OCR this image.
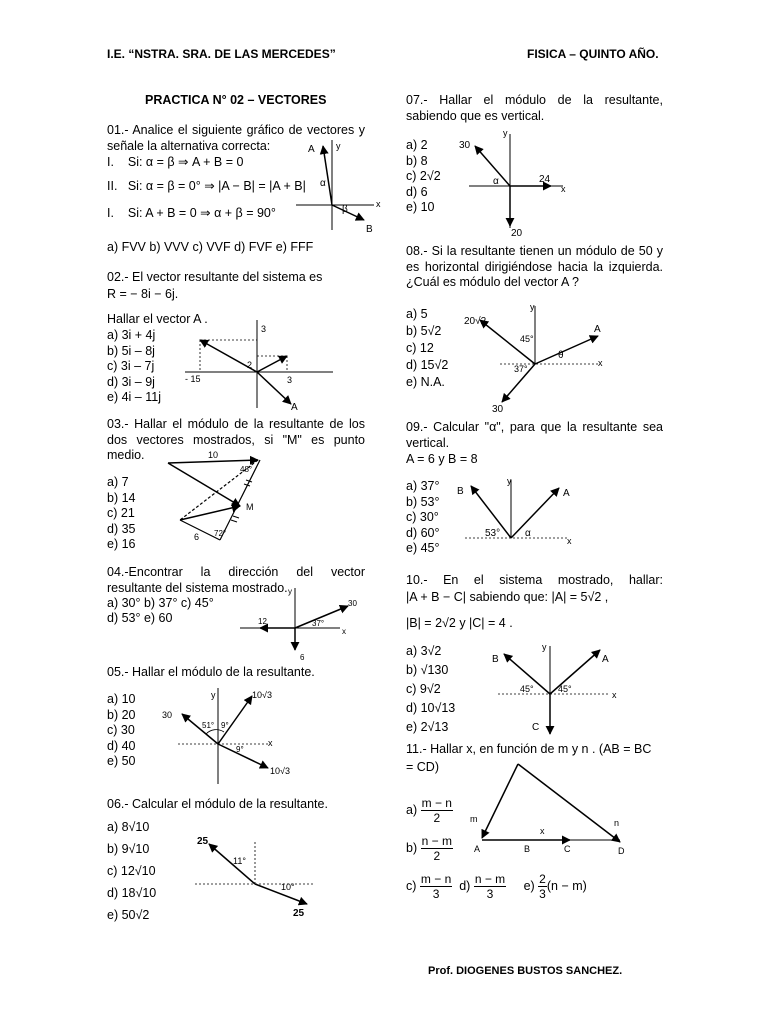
I.E. “NSTRA. SRA. DE LAS MERCEDES”	FISICA – QUINTO AÑO.
PRACTICA N° 02 – VECTORES
01.- Analice el siguiente gráfico de vectores y señale la alternativa correcta:
I. Si: α = β ⇒ A + B = 0
II. Si: α = β = 0° ⇒ |A − B| = |A + B|
I. Si: A + B = 0 ⇒ α + β = 90°
a) FVV b) VVV c) VVF d) FVF e) FFF
y
x
A
B
α
β
02.- El vector resultante del sistema es
R = − 8i − 6j.
Hallar el vector A .
a) 3i + 4j
b) 5i – 8j
c) 3i – 7j
d) 3i – 9j
e) 4i – 11j
3
2
- 15	3
A
03.- Hallar el módulo de la resultante de los dos vectores mostrados, si "M" es punto medio.
a) 7
b) 14
c) 21
d) 35
e) 16
10
48°
M
6 72°
04.-Encontrar la dirección del vector resultante del sistema mostrado.
a) 30° b) 37° c) 45°
d) 53° e) 60
y
30
12	37°
x
6
05.- Hallar el módulo de la resultante.
a) 10
b) 20
c) 30
d) 40
e) 50
y	10√3
30
51° 9°
9°
x
10√3
06.- Calcular el módulo de la resultante.
a) 8√10
b) 9√10
c) 12√10
d) 18√10
e) 50√2
25
11°
10°
25
07.- Hallar el módulo de la resultante, sabiendo que es vertical.
a) 2
b) 8
c) 2√2
d) 6
e) 10
y
30
α
x
24
20
08.- Si la resultante tienen un módulo de 50 y es horizontal dirigiéndose hacia la izquierda. ¿Cuál es módulo del vector A ?
a) 5
b) 5√2
c) 12
d) 15√2
e) N.A.
y
20√2
A
45°
θ
37°
x
30
09.- Calcular "α", para que la resultante sea vertical.
A = 6 y B = 8
a) 37°
b) 53°
c) 30°
d) 60°
e) 45°
y
B	A
53° α
x
10.- En el sistema mostrado, hallar:
|A + B − C| sabiendo que: |A| = 5√2 ,
|B| = 2√2 y |C| = 4 .
a) 3√2
b) √130
c) 9√2
d) 10√13
e) 2√13
y
B	A
45°	45°
x
C
11.- Hallar x, en función de m y n . (AB = BC
= CD)
$a) \frac{m - n}{2}$
$b) \frac{n - m}{2}$
$c) \frac{m - n}{3} d) \frac{n - m}{3} e) \frac{2}{3} (n - m)$
m	n
x
A	B	C	D
Prof. DIOGENES BUSTOS SANCHEZ.
